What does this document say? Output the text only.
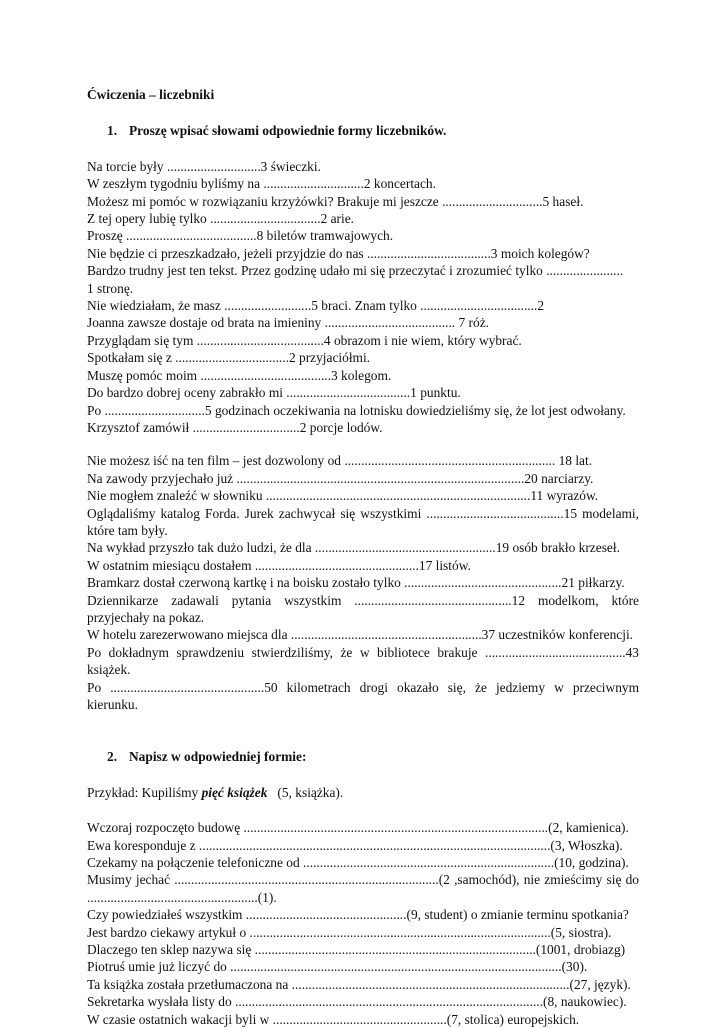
Ćwiczenia – liczebniki
1. Proszę wpisać słowami odpowiednie formy liczebników.
Na torcie były ............................3 świeczki.
W zeszłym tygodniu byliśmy na ..............................2 koncertach.
Możesz mi pomóc w rozwiązaniu krzyżówki? Brakuje mi jeszcze ..............................5 haseł.
Z tej opery lubię tylko .................................2 arie.
Proszę .......................................8 biletów tramwajowych.
Nie będzie ci przeszkadzało, jeżeli przyjdzie do nas .....................................3 moich kolegów?
Bardzo trudny jest ten tekst. Przez godzinę udało mi się przeczytać i zrozumieć tylko .......................
1 stronę.
Nie wiedziałam, że masz ..........................5 braci. Znam tylko ...................................2
Joanna zawsze dostaje od brata na imieniny ....................................... 7 róż.
Przyglądam się tym ......................................4 obrazom i nie wiem, który wybrać.
Spotkałam się z ..................................2 przyjaciółmi.
Muszę pomóc moim .......................................3 kolegom.
Do bardzo dobrej oceny zabrakło mi .....................................1 punktu.
Po ..............................5 godzinach oczekiwania na lotnisku dowiedzieliśmy się, że lot jest odwołany.
Krzysztof zamówił ................................2 porcje lodów.
Nie możesz iść na ten film – jest dozwolony od ............................................................... 18 lat.
Na zawody przyjechało już ......................................................................................20 narciarzy.
Nie mogłem znaleźć w słowniku ...............................................................................11 wyrazów.
Oglądaliśmy katalog Forda. Jurek zachwycał się wszystkimi .........................................15 modelami,
które tam były.
Na wykład przyszło tak dużo ludzi, że dla ......................................................19 osób brakło krzeseł.
W ostatnim miesiącu dostałem .................................................17 listów.
Bramkarz dostał czerwoną kartkę i na boisku zostało tylko ...............................................21 piłkarzy.
Dziennikarze zadawali pytania wszystkim ...............................................12 modelkom, które
przyjechały na pokaz.
W hotelu zarezerwowano miejsca dla .........................................................37 uczestników konferencji.
Po dokładnym sprawdzeniu stwierdziliśmy, że w bibliotece brakuje ..........................................43
książek.
Po ..............................................50 kilometrach drogi okazało się, że jedziemy w przeciwnym
kierunku.
2. Napisz w odpowiedniej formie:
Przykład: Kupiliśmy pięć książek   (5, książka).
Wczoraj rozpoczęto budowę ...........................................................................................(2, kamienica).
Ewa koresponduje z .........................................................................................................(3, Włoszka).
Czekamy na połączenie telefoniczne od ...........................................................................(10, godzina).
Musimy jechać ...............................................................................(2 ,samochód), nie zmieścimy się do
...................................................(1).
Czy powiedziałeś wszystkim ................................................(9, student) o zmianie terminu spotkania?
Jest bardzo ciekawy artykuł o ..........................................................................................(5, siostra).
Dlaczego ten sklep nazywa się ....................................................................................(1001, drobiazg)
Piotruś umie już liczyć do ...................................................................................................(30).
Ta książka została przetłumaczona na ...................................................................................(27, język).
Sekretarka wysłała listy do ............................................................................................(8, naukowiec).
W czasie ostatnich wakacji byli w ....................................................(7, stolica) europejskich.
